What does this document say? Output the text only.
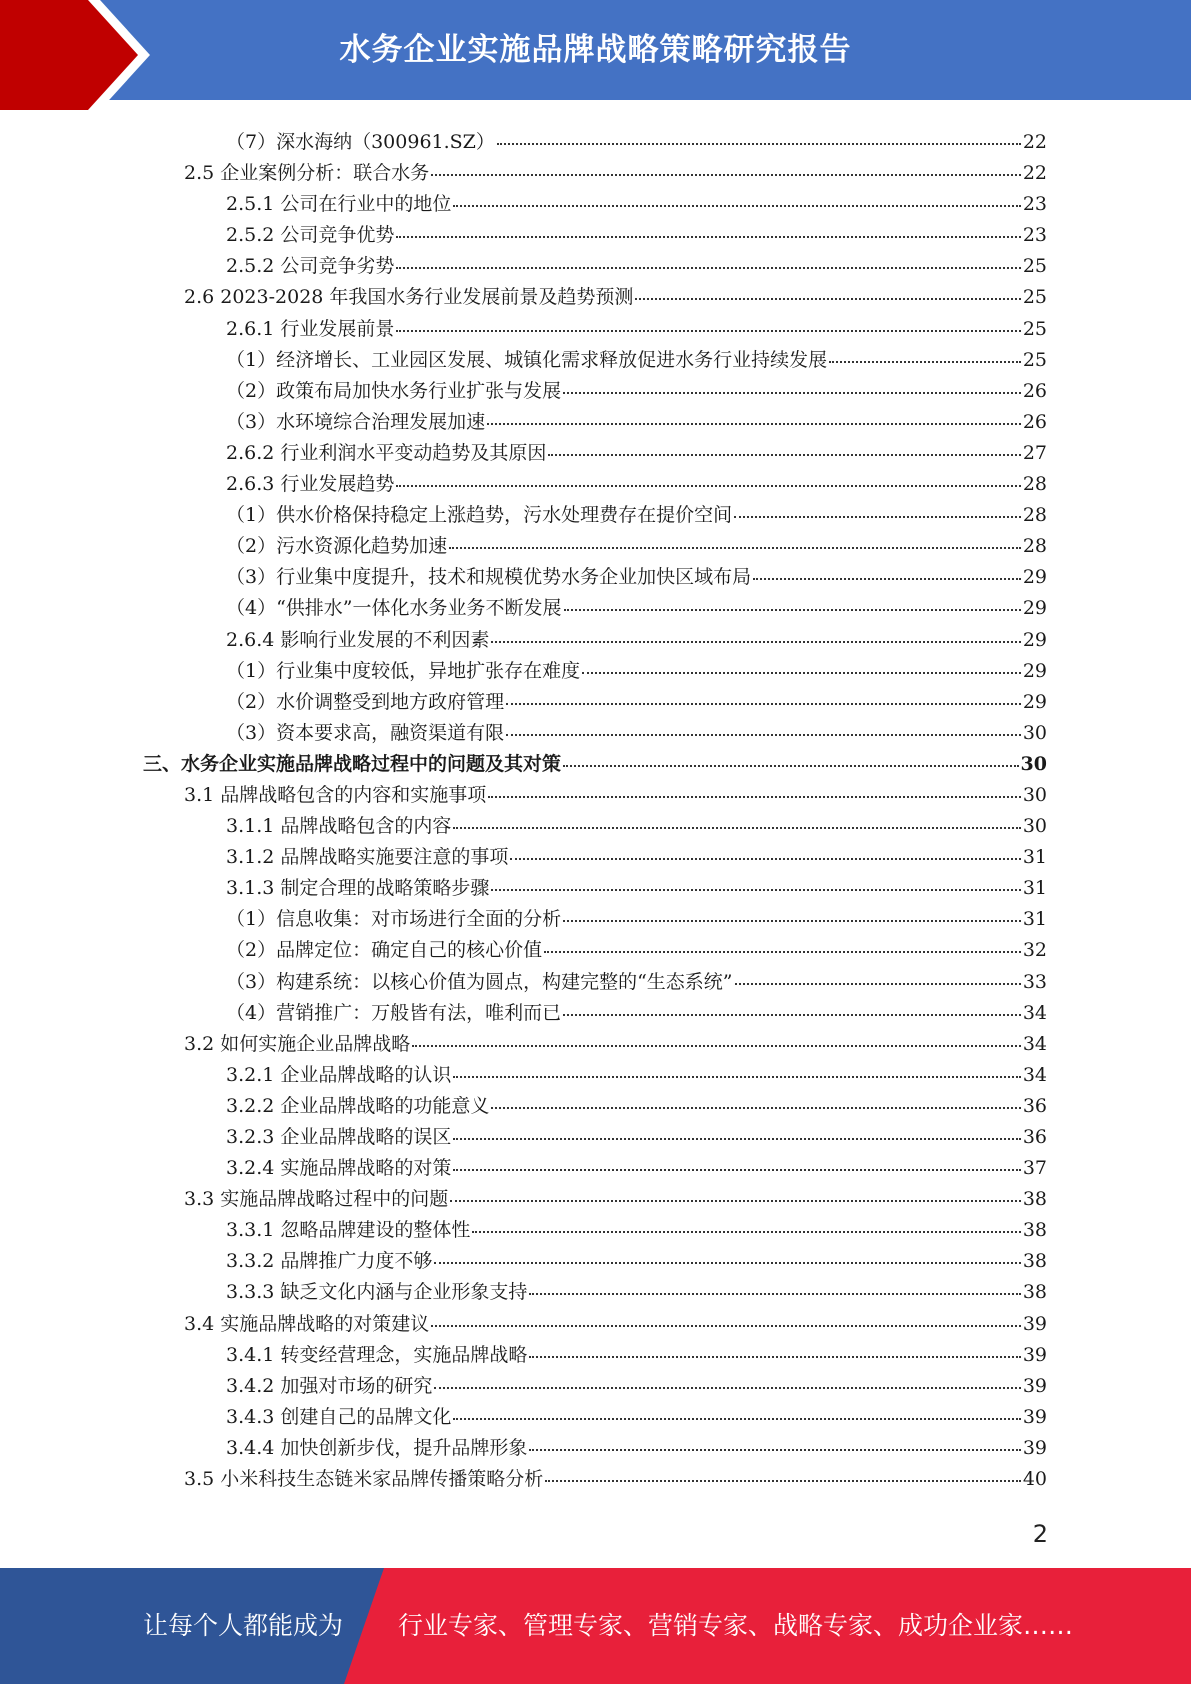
水务企业实施品牌战略策略研究报告
（7）深水海纳（300961.SZ）	22
2.5 企业案例分析：联合水务	22
2.5.1 公司在行业中的地位	23
2.5.2 公司竞争优势	23
2.5.2 公司竞争劣势	25
2.6 2023-2028 年我国水务行业发展前景及趋势预测	25
2.6.1 行业发展前景	25
（1）经济增长、工业园区发展、城镇化需求释放促进水务行业持续发展	25
（2）政策布局加快水务行业扩张与发展	26
（3）水环境综合治理发展加速	26
2.6.2 行业利润水平变动趋势及其原因	27
2.6.3 行业发展趋势	28
（1）供水价格保持稳定上涨趋势，污水处理费存在提价空间	28
（2）污水资源化趋势加速	28
（3）行业集中度提升，技术和规模优势水务企业加快区域布局	29
（4）“供排水”一体化水务业务不断发展	29
2.6.4 影响行业发展的不利因素	29
（1）行业集中度较低，异地扩张存在难度	29
（2）水价调整受到地方政府管理	29
（3）资本要求高，融资渠道有限	30
三、水务企业实施品牌战略过程中的问题及其对策	30
3.1 品牌战略包含的内容和实施事项	30
3.1.1 品牌战略包含的内容	30
3.1.2 品牌战略实施要注意的事项	31
3.1.3 制定合理的战略策略步骤	31
（1）信息收集：对市场进行全面的分析	31
（2）品牌定位：确定自己的核心价值	32
（3）构建系统：以核心价值为圆点，构建完整的“生态系统”	33
（4）营销推广：万般皆有法，唯利而已	34
3.2 如何实施企业品牌战略	34
3.2.1 企业品牌战略的认识	34
3.2.2 企业品牌战略的功能意义	36
3.2.3 企业品牌战略的误区	36
3.2.4 实施品牌战略的对策	37
3.3 实施品牌战略过程中的问题	38
3.3.1 忽略品牌建设的整体性	38
3.3.2 品牌推广力度不够	38
3.3.3 缺乏文化内涵与企业形象支持	38
3.4 实施品牌战略的对策建议	39
3.4.1 转变经营理念，实施品牌战略	39
3.4.2 加强对市场的研究	39
3.4.3 创建自己的品牌文化	39
3.4.4 加快创新步伐，提升品牌形象	39
3.5 小米科技生态链米家品牌传播策略分析	40
2
让每个人都能成为 行业专家、管理专家、营销专家、战略专家、成功企业家……
